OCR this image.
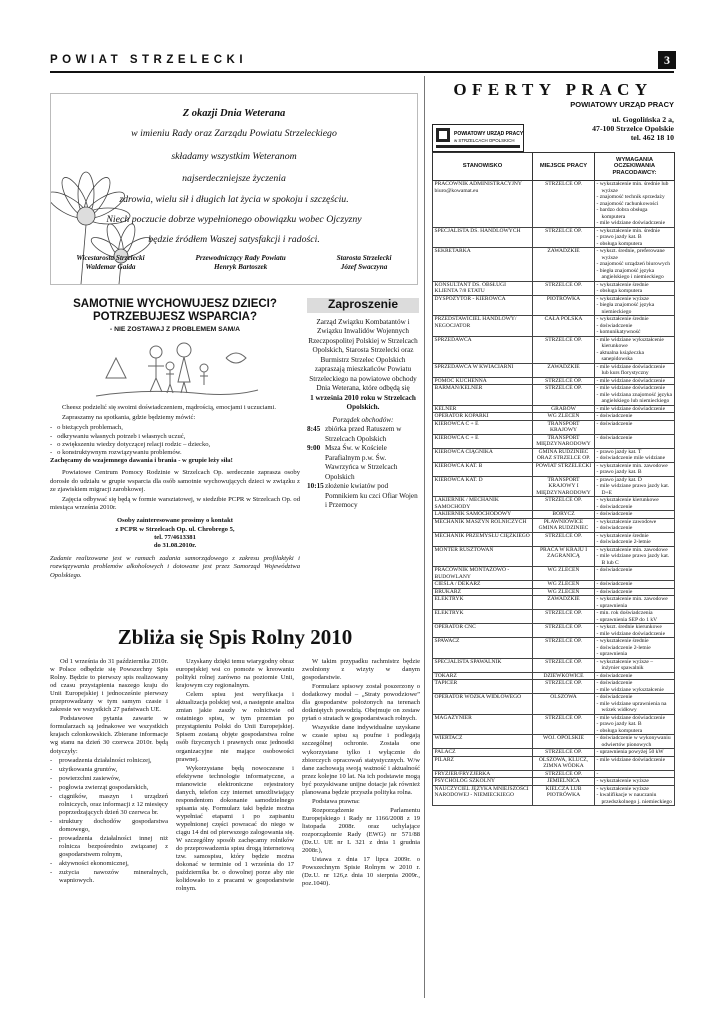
POWIAT STRZELECKI	3
Z okazji Dnia Weterana
w imieniu Rady oraz Zarządu Powiatu Strzeleckiego
składamy wszystkim Weteranom
najserdeczniejsze życzenia
zdrowia, wielu sił i długich lat życia w spokoju i szczęściu.
Niech poczucie dobrze wypełnionego obowiązku wobec Ojczyzny
będzie źródłem Waszej satysfakcji i radości.
Wicestarosta Strzelecki
Waldemar Gaida
Przewodniczący Rady Powiatu
Henryk Bartoszek
Starosta Strzelecki
Józef Swaczyna
SAMOTNIE WYCHOWUJESZ DZIECI? POTRZEBUJESZ WSPARCIA?
- NIE ZOSTAWAJ Z PROBLEMEM SAM/A

Cheesz podzielić się swoimi doświadczeniem, mądrością, emocjami i uczuciami.

Zapraszamy na spotkania, gdzie będziemy mówić:

-   o bieżących problemach,
-   odkrywaniu własnych potrzeb i własnych uczuć,
-   o zwiększeniu wiedzy dotyczącej relacji rodzic – dziecko,
-   o konstruktywnym rozwiązywaniu problemów.
Zachęcamy do wzajemnego dawania i brania - w grupie leży siła!

Powiatowe Centrum Pomocy Rodzinie w Strzelcach Op. serdecznie zaprasza osoby dorosłe do udziału w grupie wsparcia dla osób samotnie wychowujących dzieci w związku z ze zjawiskiem migracji zarobkowej.

Zajęcia odbywać się będą w formie warsztatowej, w siedzibie PCPR w Strzelcach Op. od miesiąca września 2010r.

Osoby zainteresowane prosimy o kontakt
z PCPR w Strzelcach Op. ul. Chrobrego 5,
tel. 77/4613381
do 31.08.2010r.

Zadanie realizowane jest w ramach zadania samorządowego z zakresu profilaktyki i rozwiązywania problemów alkoholowych i dotowane jest przez Samorząd Województwa Opolskiego.

Zaproszenie
Zarząd Związku Kombatantów i Związku Inwalidów Wojennych Rzeczpospolitej Polskiej w Strzelcach Opolskich, Starosta Strzelecki oraz Burmistrz Strzelec Opolskich zapraszają mieszkańców Powiatu Strzeleckiego na powiatowe obchody Dnia Weterana, które odbędą się
1 września 2010 roku w Strzelcach Opolskich.
Porządek obchodów:
8:45 zbiórka przed Ratuszem w Strzelcach Opolskich
9:00 Msza Św. w Kościele Parafialnym p.w. Św. Wawrzyńca w Strzelcach Opolskich
10:15 złożenie kwiatów pod Pomnikiem ku czci Ofiar Wojen i Przemocy
Zbliża się Spis Rolny 2010

Od 1 września do 31 października 2010r. w Polsce odbędzie się Powszechny Spis Rolny. Będzie to pierwszy spis realizowany od czasu przystąpienia naszego kraju do Unii Europejskiej i jednocześnie pierwszy przeprowadzany w tym samym czasie i zakresie we wszystkich 27 państwach UE.

Podstawowe pytania zawarte w formularzach są jednakowe we wszystkich krajach członkowskich. Zbierane informacje wg stanu na dzień 30 czerwca 2010r. będą dotyczyły:

- prowadzenia działalności rolniczej,

- użytkowania gruntów,

- powierzchni zasiewów,

- pogłowia zwierząt gospodarskich,

- ciągników, maszyn i urządzeń rolniczych, oraz informacji z 12 miesięcy poprzedzających dzień 30 czerwca br.

- struktury dochodów gospodarstwa domowego,

- prowadzenia działalności innej niż rolnicza bezpośrednio związanej z gospodarstwem rolnym,

- aktywności ekonomicznej,

- zużycia nawozów mineralnych, wapniowych.

Uzyskany dzięki temu wiarygodny obraz europejskiej wsi co pomoże w kreowaniu polityki rolnej zarówno na poziomie Unii, krajowym czy regionalnym.

Celem spisu jest weryfikacja i aktualizacja polskiej wsi, a następnie analiza zmian jakie zaszły w rolnictwie od ostatniego spisu, w tym przemian po przystąpieniu Polski do Unii Europejskiej. Spisem zostaną objęte gospodarstwa rolne osób fizycznych i prawnych oraz jednostki organizacyjne nie mające osobowości prawnej.

Wykorzystane będą nowoczesne i efektywne technologie informatyczne, a mianowicie elektroniczne rejestratory danych, telefon czy internet umożliwiający respondentom dokonanie samodzielnego spisania się. Formularz taki będzie można wypełniać etapami i po zapisaniu wypełnionej części powracać do niego w ciągu 14 dni od pierwszego zalogowania się. W szczególny sposób zachęcamy rolników do przeprowadzenia spisu drogą internetową tzw. samospisu, który będzie można dokonać w terminie od 1 września do 17 października br. o dowolnej porze aby nie kolidowało to z pracami w gospodarstwie rolnym.

W takim przypadku rachmistrz będzie zwolniony z wizyty w danym gospodarstwie.

Formularz spisowy został poszerzony o dodatkowy moduł – „Straty powodziowe” dla gospodarstw położonych na terenach dotkniętych powodzią. Obejmuje on zestaw pytań o stratach w gospodarstwach rolnych.

Wszystkie dane indywidualne uzyskane w czasie spisu są poufne i podlegają szczególnej ochronie. Została one wykorzystane tylko i wyłącznie do zbiorczych opracowań statystycznych. W/w dane zachowają swoją ważność i aktualność przez kolejne 10 lat. Na ich podstawie mogą być pozyskiwane unijne dotacje jak również planowana będzie przyszła polityka rolna.

Podstawa prawna:

Rozporządzenie Parlamentu Europejskiego i Rady nr 1166/2008 z 19 listopada 2008r. oraz uchylające rozporządzenie Rady (EWG) nr 571/88 (Dz.U. UE nr L 321 z dnia 1 grudnia 2008r.),

Ustawa z dnia 17 lipca 2009r. o Powszechnym Spisie Rolnym w 2010 r. (Dz.U. nr 126,z dnia 10 sierpnia 2009r., poz.1040).

OFERTY PRACY
POWIATOWY URZĄD PRACY
POWIATOWY URZĄD PRACY
w STRZELCACH OPOLSKICH
ul. Gogolińska 2 a,
47-100 Strzelce Opolskie
tel. 462 18 10
STANOWISKO	MIEJSCE PRACY	WYMAGANIA OCZEKIWANIA PRACODAWCY:
PRACOWNIK ADMINISTRACYJNY biuro@kowamat.eu	STRZELCE OP.	- wykształcenie min. średnie lub wyższe
- znajomość technik sprzedaży
- znajomość rachunkowości
- bardzo dobra obsługa komputera
- mile widziane doświadczenie

SPECJALISTA DS. HANDLOWYCH	STRZELCE OP.	- wykształcenie min. średnie
- prawo jazdy kat. B
- obsługa komputera

SEKRETARKA	ZAWADZKIE	- wykszt. średnie, preferowane wyższe
- znajomość urządzeń biurowych
- biegła znajomość języka angielskiego i niemieckiego

KONSULTANT DS. OBSŁUGI KLIENTA 7/8 ETATU	STRZELCE OP.	- wykształcenie średnie
- obsługa komputera

DYSPOZYTOR - KIEROWCA	PIOTRÓWKA	- wykształcenie wyższe
- biegła znajomość języka niemieckiego

PRZEDSTAWICIEL HANDLOWY/ NEGOCJATOR	CAŁA POLSKA	- wykształcenie średnie
- doświadczenie
- komunikatywność

SPRZEDAWCA	STRZELCE OP.	- mile widziane wykształcenie kierunkowe
- aktualna książeczka sanepidowska

SPRZEDAWCA W KWIACIARNI	ZAWADZKIE	- mile widziane doświadczenie lub kurs florystyczny

POMOC KUCHENNA	STRZELCE OP.	- mile widziane doświadczenie

BARMAN/KELNER	STRZELCE OP.	- mile widziane doświadczenie
- mile widziana znajomość języka angielskiego lub niemieckiego

KELNER	GRABÓW	- mile widziane doświadczenie

OPERATOR KOPARKI	WG ZLECEŃ	- doświadczenie

KIEROWCA C + E	TRANSPORT KRAJOWY	- doświadczenie

KIEROWCA C + E	TRANSPORT MIĘDZYNARODOWY	- doświadczenie

KIEROWCA CIĄGNIKA	GMINA RUDZINIEC ORAZ STRZELCE OP.	- prawo jazdy kat. T
- doświadczenie mile widziane

KIEROWCA KAT. B	POWIAT STRZELECKI	- wykształcenie min. zawodowe
- prawo jazdy kat. B

KIEROWCA KAT. D	TRANSPORT KRAJOWY I MIĘDZYNARODOWY	- prawo jazdy kat. D
- mile widziane prawo jazdy kat. D+E

LAKIERNIK / MECHANIK SAMOCHODY	STRZELCE OP.	- wykształcenie kierunkowe
- doświadczenie

LAKIERNIK SAMOCHODOWY	BORYCZ	- doświadczenie

MECHANIK MASZYN ROLNICZYCH	PŁAWNIOWICE GMINA RUDZINIEC	- wykształcenie zawodowe
- doświadczenie

MECHANIK PRZEMYSŁU CIĘŻKIEGO	STRZELCE OP.	- wykształcenie średnie
- doświadczenie 2-letnie

MONTER RUSZTOWAŃ	PRACA W KRAJU I ZAGRANICĄ	- wykształcenie min. zawodowe
- mile widziane prawo jazdy kat. B lub C

PRACOWNIK MONTAŻOWO - BUDOWLANY	WG ZLECEŃ	- doświadczenie

CIEŚLA / DEKARZ	WG ZLECEŃ	- doświadczenie

BRUKARZ	WG ZLECEŃ	- doświadczenie

ELEKTRYK	ZAWADZKIE	- wykształcenie min. zawodowe
- uprawnienia

ELEKTRYK	STRZELCE OP.	- min. rok doświadczenia
- uprawnienia SEP do 1 kV

OPERATOR CNC	STRZELCE OP.	- wykszt. średnie kierunkowe
- mile widziane doświadczenie

SPAWACZ	STRZELCE OP.	- wykształcenie średnie
- doświadczenie 2-letnie
- uprawnienia

SPECJALISTA SPAWALNIK	STRZELCE OP.	- wykształcenie wyższe – inżynier spawalnik

TOKARZ	DZIEWKOWICE	- doświadczenie

TAPICER	STRZELCE OP.	- doświadczenie
- mile widziane wykształcenie

OPERATOR WÓZKA WIDŁOWEGO	OLSZOWA	- doświadczenie
- mile widziane uprawnienia na wózek widłowy

MAGAZYNIER	STRZELCE OP.	- mile widziane doświadczenie
- prawo jazdy kat. B
- obsługa komputera

WIERTACZ	WOJ. OPOLSKIE	- doświadczenie w wykonywaniu odwiertów pionowych

PALACZ	STRZELCE OP.	- uprawnienia powyżej 50 kW

PILARZ	OLSZOWA, KLUCZ, ZIMNA WÓDKA	- mile widziane doświadczenie

FRYZJER/FRYZJERKA	STRZELCE OP.	-

PSYCHOLOG SZKOLNY	JEMIELNICA	- wykształcenie wyższe

NAUCZYCIEL JĘZYKA MNIEJSZOŚCI NARODOWEJ - NIEMIECKIEGO	KIELCZA LUB PIOTRÓWKA	- wykształcenie wyższe
- kwalifikacje w nauczaniu przedszkolnego j. niemieckiego
